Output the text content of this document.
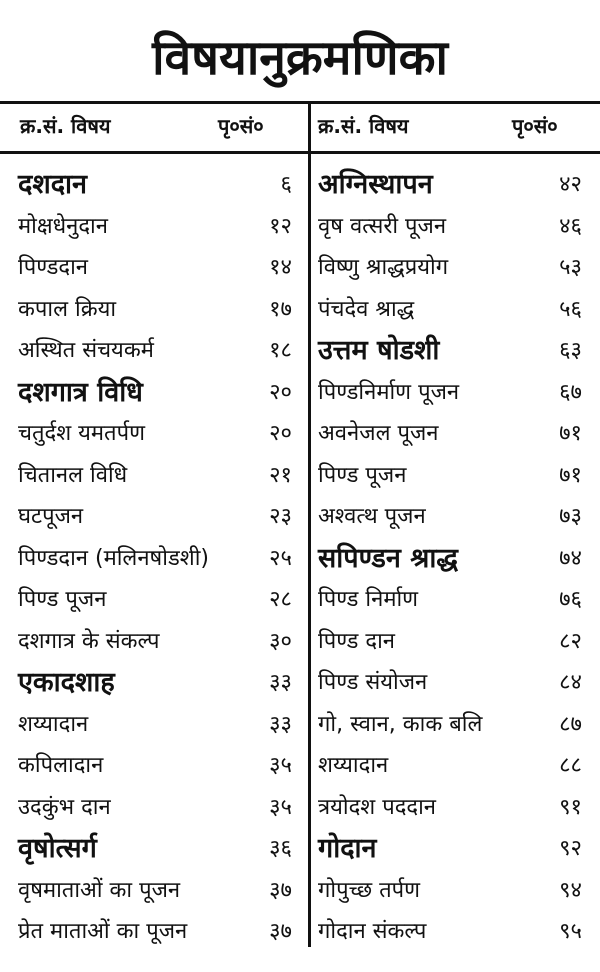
विषयानुक्रमणिका
क्र.सं. विषय	पृ०सं०	क्र.सं. विषय	पृ०सं०
दशदान	६
मोक्षधेनुदान	१२
पिण्डदान	१४
कपाल क्रिया	१७
अस्थित संचयकर्म	१८
दशगात्र विधि	२०
चतुर्दश यमतर्पण	२०
चितानल विधि	२१
घटपूजन	२३
पिण्डदान (मलिनषोडशी)	२५
पिण्ड पूजन	२८
दशगात्र के संकल्प	३०
एकादशाह	३३
शय्यादान	३३
कपिलादान	३५
उदकुंभ दान	३५
वृषोत्सर्ग	३६
वृषमाताओं का पूजन	३७
प्रेत माताओं का पूजन	३७
अग्निस्थापन	४२
वृष वत्सरी पूजन	४६
विष्णु श्राद्धप्रयोग	५३
पंचदेव श्राद्ध	५६
उत्तम षोडशी	६३
पिण्डनिर्माण पूजन	६७
अवनेजल पूजन	७१
पिण्ड पूजन	७१
अश्वत्थ पूजन	७३
सपिण्डन श्राद्ध	७४
पिण्ड निर्माण	७६
पिण्ड दान	८२
पिण्ड संयोजन	८४
गो, स्वान, काक बलि	८७
शय्यादान	८८
त्रयोदश पददान	९१
गोदान	९२
गोपुच्छ तर्पण	९४
गोदान संकल्प	९५
